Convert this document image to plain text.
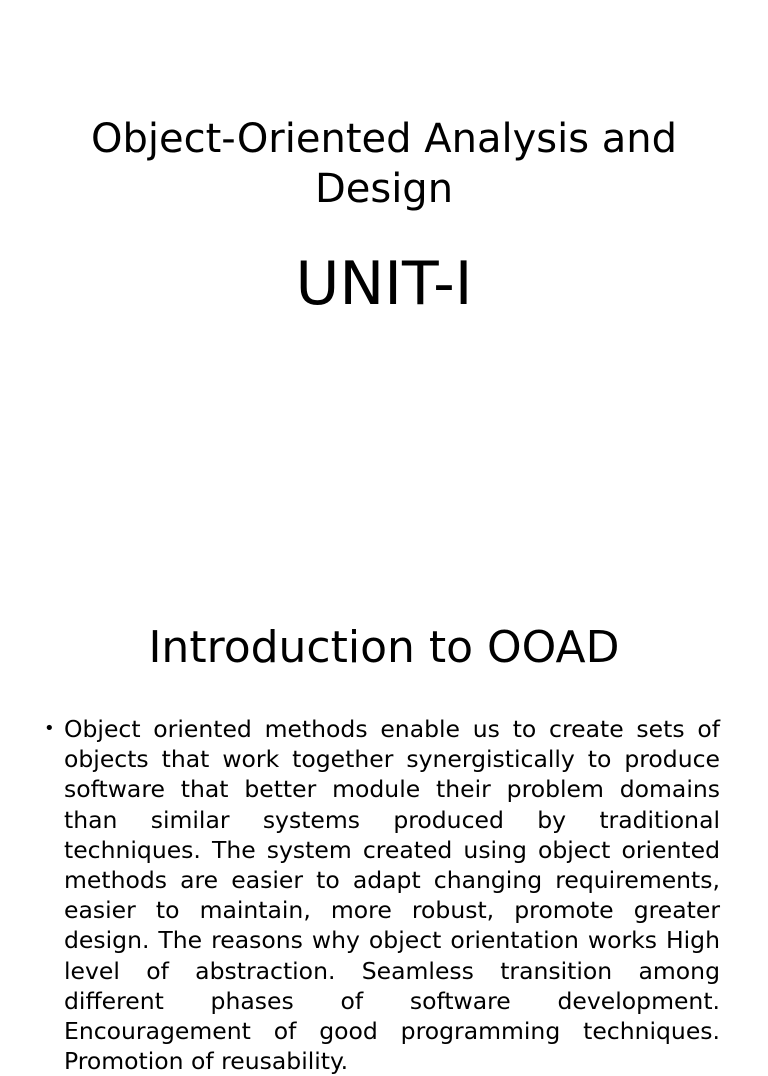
Object-Oriented Analysis and Design
UNIT-I
Introduction to OOAD
• Object oriented methods enable us to create sets of objects that work together synergistically to produce software that better module their problem domains than similar systems produced by traditional techniques. The system created using object oriented methods are easier to adapt changing requirements, easier to maintain, more robust, promote greater design. The reasons why object orientation works High level of abstraction. Seamless transition among different phases of software development. Encouragement of good programming techniques. Promotion of reusability.
